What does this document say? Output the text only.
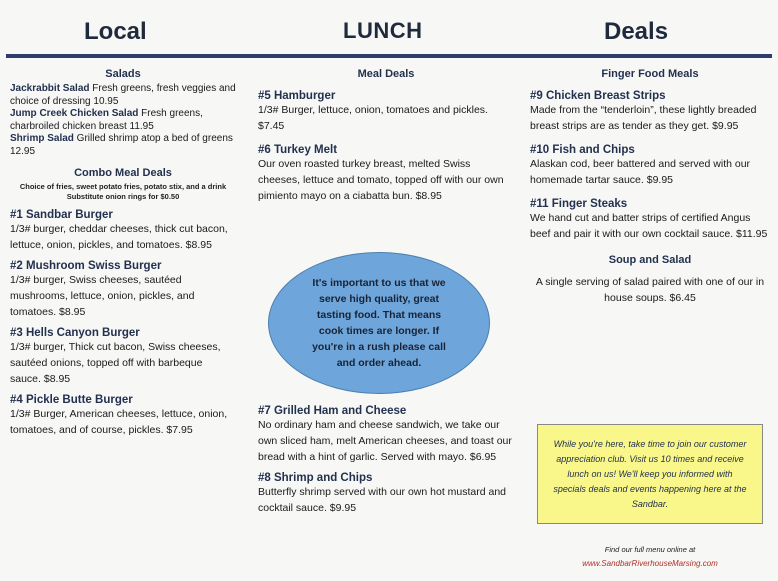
Local	LUNCH	Deals
Salads
Jackrabbit Salad Fresh greens, fresh veggies and choice of dressing 10.95
Jump Creek Chicken Salad Fresh greens, charbroiled chicken breast 11.95
Shrimp Salad Grilled shrimp atop a bed of greens 12.95
Combo Meal Deals
Choice of fries, sweet potato fries, potato stix, and a drink Substitute onion rings for $0.50
#1 Sandbar Burger
1/3# burger, cheddar cheeses, thick cut bacon, lettuce, onion, pickles, and tomatoes. $8.95
#2 Mushroom Swiss Burger
1/3# burger, Swiss cheeses, sautéed mushrooms, lettuce, onion, pickles, and tomatoes. $8.95
#3 Hells Canyon Burger
1/3# burger, Thick cut bacon, Swiss cheeses, sautéed onions, topped off with barbeque sauce. $8.95
#4 Pickle Butte Burger
1/3# Burger, American cheeses, lettuce, onion, tomatoes, and of course, pickles. $7.95
Meal Deals
#5 Hamburger
1/3# Burger, lettuce, onion, tomatoes and pickles. $7.45
#6 Turkey Melt
Our oven roasted turkey breast, melted Swiss cheeses, lettuce and tomato, topped off with our own pimiento mayo on a ciabatta bun. $8.95
It's important to us that we serve high quality, great tasting food. That means cook times are longer. If you're in a rush please call and order ahead.
#7 Grilled Ham and Cheese
No ordinary ham and cheese sandwich, we take our own sliced ham, melt American cheeses, and toast our bread with a hint of garlic. Served with mayo. $6.95
#8 Shrimp and Chips
Butterfly shrimp served with our own hot mustard and cocktail sauce. $9.95
Finger Food Meals
#9 Chicken Breast Strips
Made from the “tenderloin”, these lightly breaded breast strips are as tender as they get. $9.95
#10 Fish and Chips
Alaskan cod, beer battered and served with our homemade tartar sauce. $9.95
#11 Finger Steaks
We hand cut and batter strips of certified Angus beef and pair it with our own cocktail sauce. $11.95
Soup and Salad
A single serving of salad paired with one of our in house soups. $6.45
While you're here, take time to join our customer appreciation club. Visit us 10 times and receive lunch on us! We'll keep you informed with specials deals and events happening here at the Sandbar.
Find our full menu online at
www.SandbarRiverhouseMarsing.com
